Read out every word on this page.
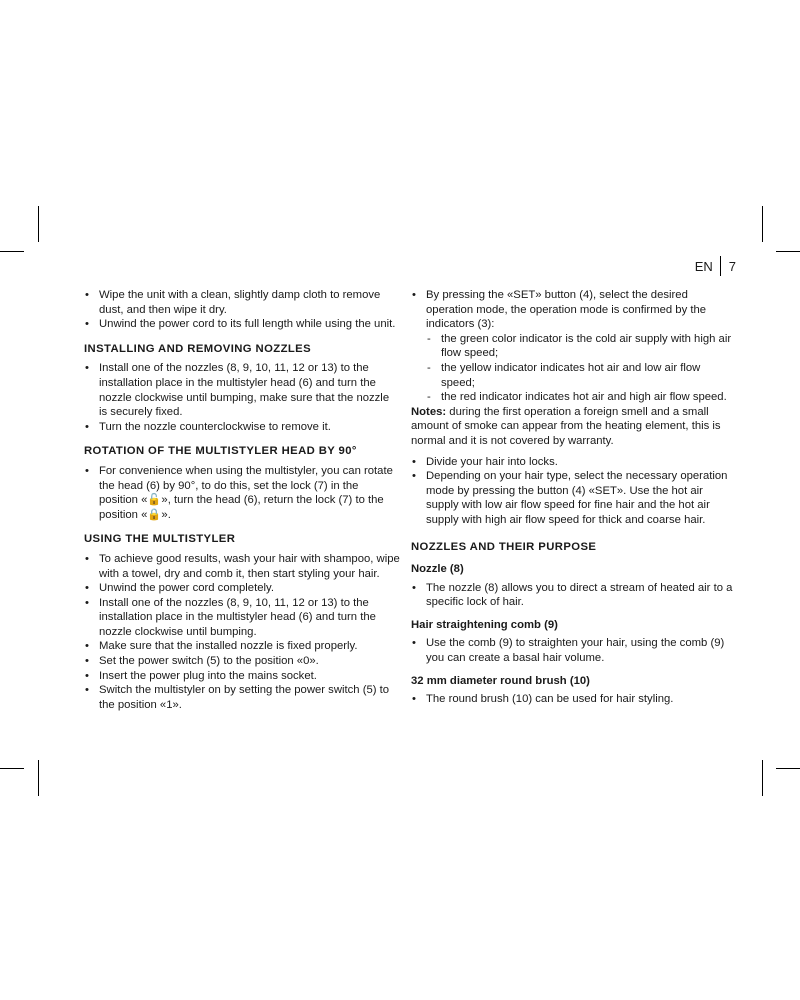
EN 7
• Wipe the unit with a clean, slightly damp cloth to remove dust, and then wipe it dry.
• Unwind the power cord to its full length while using the unit.
INSTALLING AND REMOVING NOZZLES
• Install one of the nozzles (8, 9, 10, 11, 12 or 13) to the installation place in the multistyler head (6) and turn the nozzle clockwise until bumping, make sure that the nozzle is securely fixed.
• Turn the nozzle counterclockwise to remove it.
ROTATION OF THE MULTISTYLER HEAD BY 90°
• For convenience when using the multistyler, you can rotate the head (6) by 90°, to do this, set the lock (7) in the position «🔓», turn the head (6), return the lock (7) to the position «🔒».
USING THE MULTISTYLER
• To achieve good results, wash your hair with shampoo, wipe with a towel, dry and comb it, then start styling your hair.
• Unwind the power cord completely.
• Install one of the nozzles (8, 9, 10, 11, 12 or 13) to the installation place in the multistyler head (6) and turn the nozzle clockwise until bumping.
• Make sure that the installed nozzle is fixed properly.
• Set the power switch (5) to the position «0».
• Insert the power plug into the mains socket.
• Switch the multistyler on by setting the power switch (5) to the position «1».
• By pressing the «SET» button (4), select the desired operation mode, the operation mode is confirmed by the indicators (3):
- the green color indicator is the cold air supply with high air flow speed;
- the yellow indicator indicates hot air and low air flow speed;
- the red indicator indicates hot air and high air flow speed.

Notes: during the first operation a foreign smell and a small amount of smoke can appear from the heating element, this is normal and it is not covered by warranty.

• Divide your hair into locks.
• Depending on your hair type, select the necessary operation mode by pressing the button (4) «SET». Use the hot air supply with low air flow speed for fine hair and the hot air supply with high air flow speed for thick and coarse hair.
NOZZLES AND THEIR PURPOSE
Nozzle (8)
• The nozzle (8) allows you to direct a stream of heated air to a specific lock of hair.
Hair straightening comb (9)
• Use the comb (9) to straighten your hair, using the comb (9) you can create a basal hair volume.
32 mm diameter round brush (10)
• The round brush (10) can be used for hair styling.
